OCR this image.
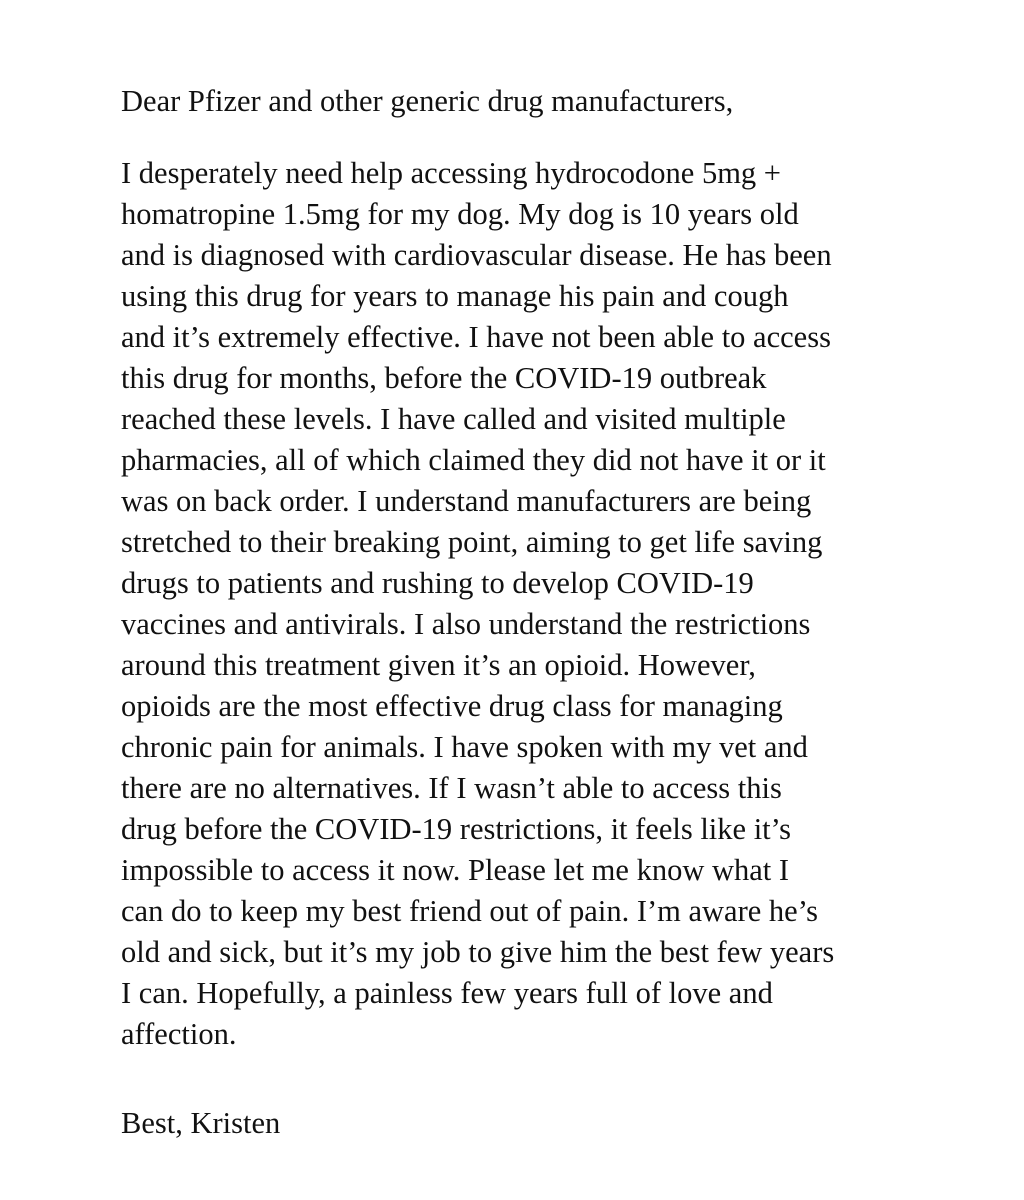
Dear Pfizer and other generic drug manufacturers,
I desperately need help accessing hydrocodone 5mg +
homatropine 1.5mg for my dog. My dog is 10 years old
and is diagnosed with cardiovascular disease. He has been
using this drug for years to manage his pain and cough
and it’s extremely effective. I have not been able to access
this drug for months, before the COVID-19 outbreak
reached these levels. I have called and visited multiple
pharmacies, all of which claimed they did not have it or it
was on back order. I understand manufacturers are being
stretched to their breaking point, aiming to get life saving
drugs to patients and rushing to develop COVID-19
vaccines and antivirals. I also understand the restrictions
around this treatment given it’s an opioid. However,
opioids are the most effective drug class for managing
chronic pain for animals. I have spoken with my vet and
there are no alternatives. If I wasn’t able to access this
drug before the COVID-19 restrictions, it feels like it’s
impossible to access it now. Please let me know what I
can do to keep my best friend out of pain. I’m aware he’s
old and sick, but it’s my job to give him the best few years
I can. Hopefully, a painless few years full of love and
affection.
Best, Kristen
